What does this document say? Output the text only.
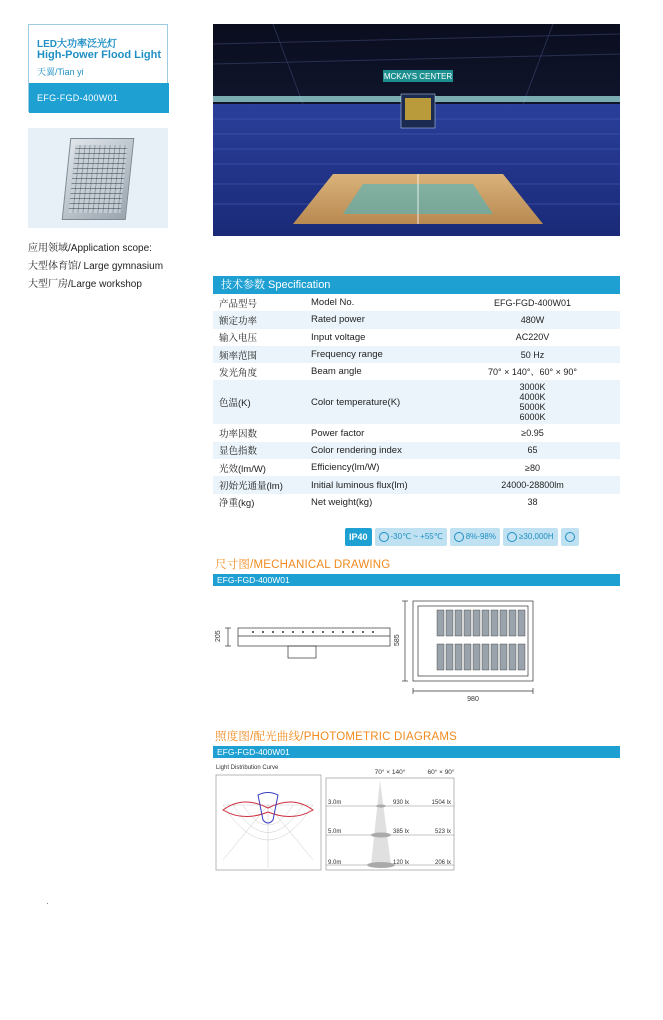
LED大功率泛光灯
High-Power Flood Light
天翼/Tian yi
EFG-FGD-400W01
应用领域/Application scope:
大型体育馆/ Large gymnasium
大型厂房/Large workshop
MCKAYS CENTER
技术参数 Specification
产品型号	Model No.	EFG-FGD-400W01
额定功率	Rated power	480W
输入电压	Input voltage	AC220V
频率范围	Frequency range	50 Hz
发光角度	Beam angle	70° × 140°、60° × 90°
色温(K)	Color temperature(K)	3000K
4000K
5000K
6000K

功率因数	Power factor	≥0.95
显色指数	Color rendering index	65
光效(lm/W)	Efficiency(lm/W)	≥80
初始光通量(lm)	Initial luminous flux(lm)	24000-28800lm
净重(kg)	Net weight(kg)	38
IP40	-30℃ ~ +55℃	8%-98%	≥30,000H
尺寸图/MECHANICAL DRAWING
EFG-FGD-400W01
205	585
980
照度图/配光曲线/PHOTOMETRIC DIAGRAMS
EFG-FGD-400W01
Light Distribution Curve
70° × 140°	60° × 90°
3.0m	930 lx	1504 lx
5.0m	385 lx	523 lx
9.0m	120 lx	206 lx
